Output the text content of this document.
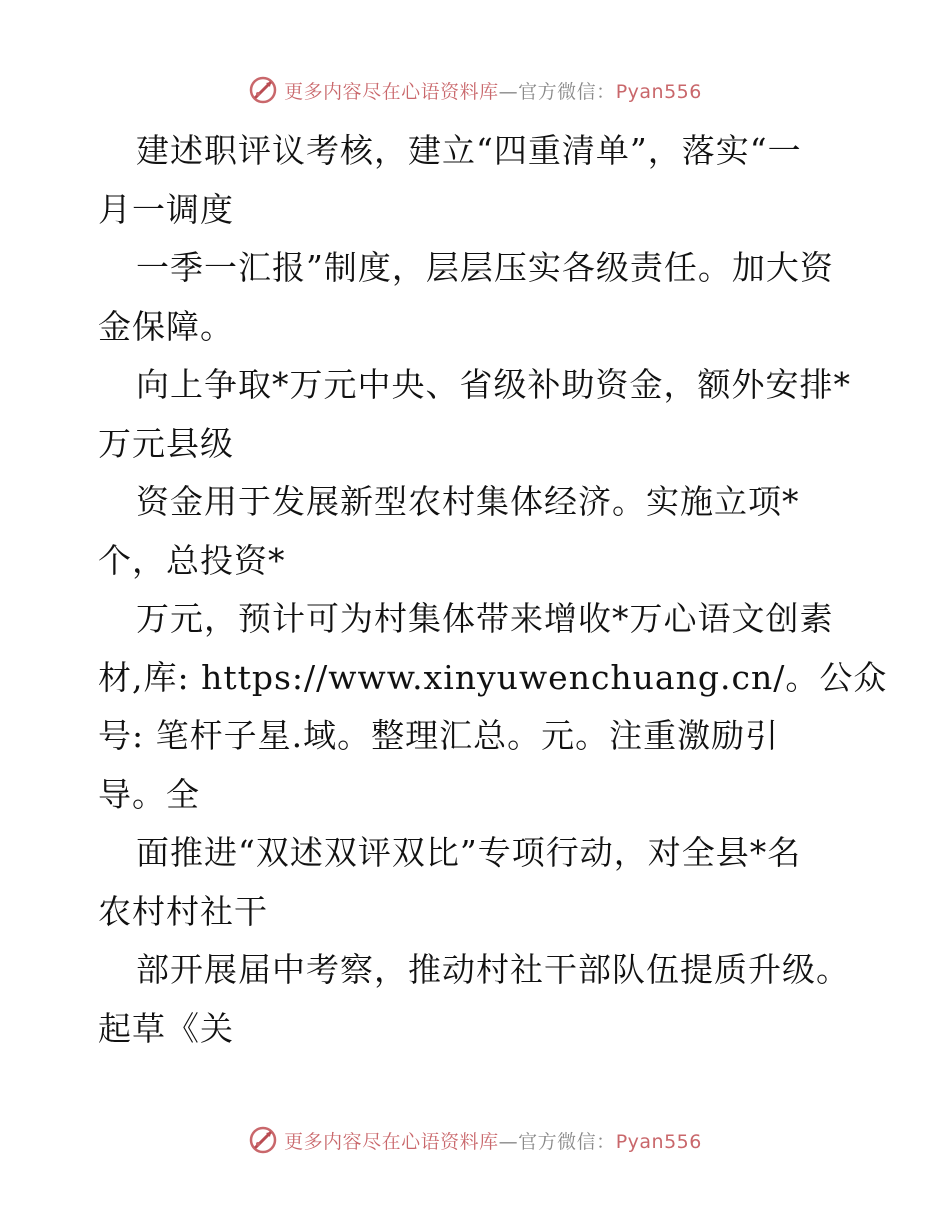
更多内容尽在心语资料库—官方微信：Pyan556
建述职评议考核，建立“四重清单”，落实“一
月一调度
一季一汇报”制度，层层压实各级责任。加大资
金保障。
向上争取*万元中央、省级补助资金，额外安排*
万元县级
资金用于发展新型农村集体经济。实施立项*
个，总投资*
万元，预计可为村集体带来增收*万心语文创素
材,库: https://www.xinyuwenchuang.cn/。公众
号: 笔杆子星.域。整理汇总。元。注重激励引
导。全
面推进“双述双评双比”专项行动，对全县*名
农村村社干
部开展届中考察，推动村社干部队伍提质升级。
起草《关
更多内容尽在心语资料库—官方微信：Pyan556
